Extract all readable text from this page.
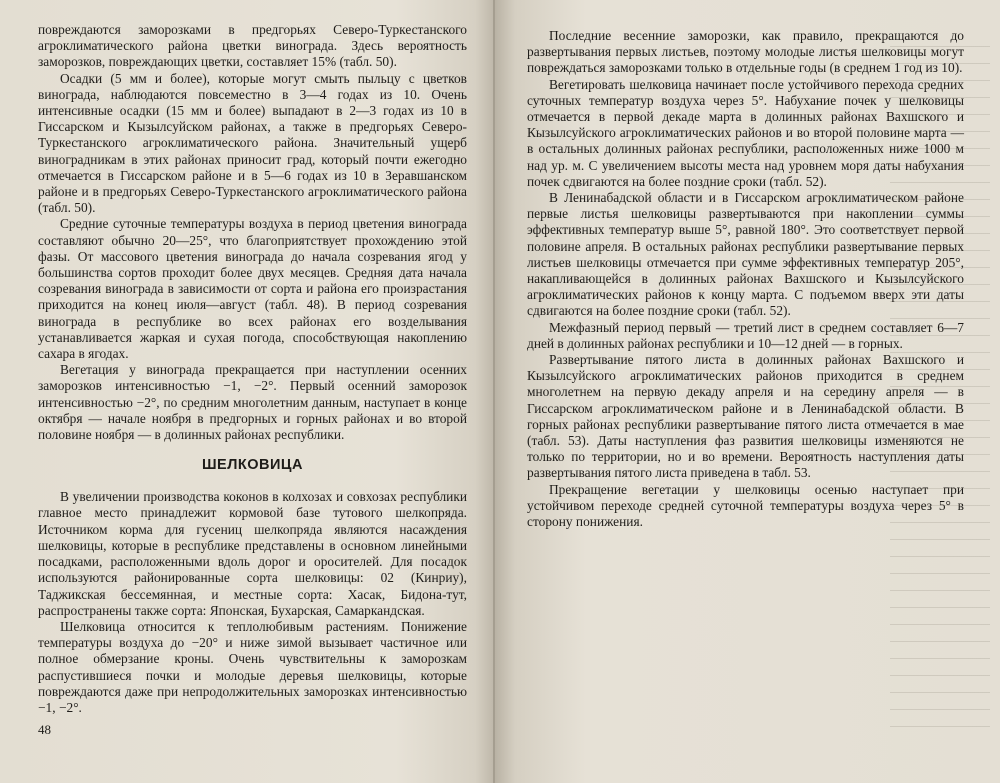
повреждаются заморозками в предгорьях Северо-Туркестанского агроклиматического района цветки винограда. Здесь вероятность заморозков, повреждающих цветки, составляет 15% (табл. 50).

Осадки (5 мм и более), которые могут смыть пыльцу с цветков винограда, наблюдаются повсеместно в 3—4 годах из 10. Очень интенсивные осадки (15 мм и более) выпадают в 2—3 годах из 10 в Гиссарском и Кызылсуйском районах, а также в предгорьях Северо-Туркестанского агроклиматического района. Значительный ущерб виноградникам в этих районах приносит град, который почти ежегодно отмечается в Гиссарском районе и в 5—6 годах из 10 в Зеравшанском районе и в предгорьях Северо-Туркестанского агроклиматического района (табл. 50).

Средние суточные температуры воздуха в период цветения винограда составляют обычно 20—25°, что благоприятствует прохождению этой фазы. От массового цветения винограда до начала созревания ягод у большинства сортов проходит более двух месяцев. Средняя дата начала созревания винограда в зависимости от сорта и района его произрастания приходится на конец июля—август (табл. 48). В период созревания винограда в республике во всех районах его возделывания устанавливается жаркая и сухая погода, способствующая накоплению сахара в ягодах.

Вегетация у винограда прекращается при наступлении осенних заморозков интенсивностью −1, −2°. Первый осенний заморозок интенсивностью −2°, по средним многолетним данным, наступает в конце октября — начале ноября в предгорных и горных районах и во второй половине ноября — в долинных районах республики.

ШЕЛКОВИЦА

В увеличении производства коконов в колхозах и совхозах республики главное место принадлежит кормовой базе тутового шелкопряда. Источником корма для гусениц шелкопряда являются насаждения шелковицы, которые в республике представлены в основном линейными посадками, расположенными вдоль дорог и оросителей. Для посадок используются районированные сорта шелковицы: 02 (Кинриу), Таджикская бессемянная, и местные сорта: Хасак, Бидона-тут, распространены также сорта: Японская, Бухарская, Самаркандская.

Шелковица относится к теплолюбивым растениям. Понижение температуры воздуха до −20° и ниже зимой вызывает частичное или полное обмерзание кроны. Очень чувствительны к заморозкам распустившиеся почки и молодые деревья шелковицы, которые повреждаются даже при непродолжительных заморозках интенсивностью −1, −2°.

48

Последние весенние заморозки, как правило, прекращаются до развертывания первых листьев, поэтому молодые листья шелковицы могут повреждаться заморозками только в отдельные годы (в среднем 1 год из 10).

Вегетировать шелковица начинает после устойчивого перехода средних суточных температур воздуха через 5°. Набухание почек у шелковицы отмечается в первой декаде марта в долинных районах Вахшского и Кызылсуйского агроклиматических районов и во второй половине марта — в остальных долинных районах республики, расположенных ниже 1000 м над ур. м. С увеличением высоты места над уровнем моря даты набухания почек сдвигаются на более поздние сроки (табл. 52).

В Ленинабадской области и в Гиссарском агроклиматическом районе первые листья шелковицы развертываются при накоплении суммы эффективных температур выше 5°, равной 180°. Это соответствует первой половине апреля. В остальных районах республики развертывание первых листьев шелковицы отмечается при сумме эффективных температур 205°, накапливающейся в долинных районах Вахшского и Кызылсуйского агроклиматических районов к концу марта. С подъемом вверх эти даты сдвигаются на более поздние сроки (табл. 52).

Межфазный период первый — третий лист в среднем составляет 6—7 дней в долинных районах республики и 10—12 дней — в горных.

Развертывание пятого листа в долинных районах Вахшского и Кызылсуйского агроклиматических районов приходится в среднем многолетнем на первую декаду апреля и на середину апреля — в Гиссарском агроклиматическом районе и в Ленинабадской области. В горных районах республики развертывание пятого листа отмечается в мае (табл. 53). Даты наступления фаз развития шелковицы изменяются не только по территории, но и во времени. Вероятность наступления даты развертывания пятого листа приведена в табл. 53.

Прекращение вегетации у шелковицы осенью наступает при устойчивом переходе средней суточной температуры воздуха через 5° в сторону понижения.
